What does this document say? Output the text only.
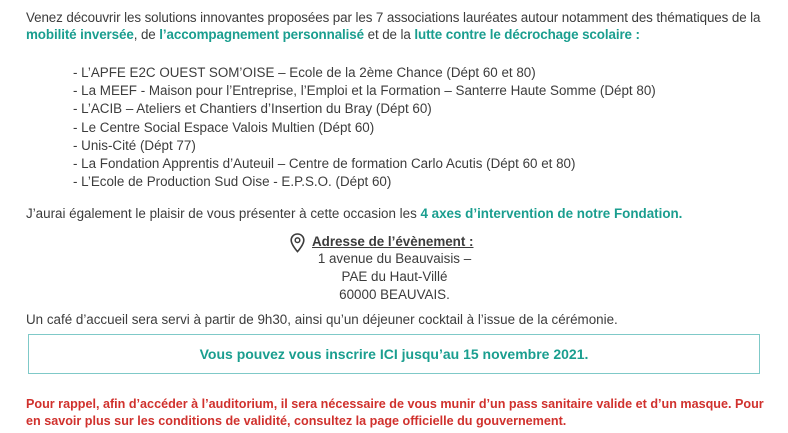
Venez découvrir les solutions innovantes proposées par les 7 associations lauréates autour notamment des thématiques de la mobilité inversée, de l’accompagnement personnalisé et de la lutte contre le décrochage scolaire :
- L’APFE E2C OUEST SOM’OISE – Ecole de la 2ème Chance (Dépt 60 et 80)
- La MEEF - Maison pour l’Entreprise, l’Emploi et la Formation – Santerre Haute Somme (Dépt 80)
- L’ACIB – Ateliers et Chantiers d’Insertion du Bray (Dépt 60)
- Le Centre Social Espace Valois Multien (Dépt 60)
- Unis-Cité (Dépt 77)
- La Fondation Apprentis d’Auteuil – Centre de formation Carlo Acutis (Dépt 60 et 80)
- L’Ecole de Production Sud Oise - E.P.S.O. (Dépt 60)
J’aurai également le plaisir de vous présenter à cette occasion les 4 axes d’intervention de notre Fondation.
Adresse de l’évènement :
1 avenue du Beauvaisis –
PAE du Haut-Villé
60000 BEAUVAIS.
Un café d’accueil sera servi à partir de 9h30, ainsi qu’un déjeuner cocktail à l’issue de la cérémonie.
Vous pouvez vous inscrire ICI jusqu’au 15 novembre 2021.
Pour rappel, afin d’accéder à l’auditorium, il sera nécessaire de vous munir d’un pass sanitaire valide et d’un masque. Pour en savoir plus sur les conditions de validité, consultez la page officielle du gouvernement.
